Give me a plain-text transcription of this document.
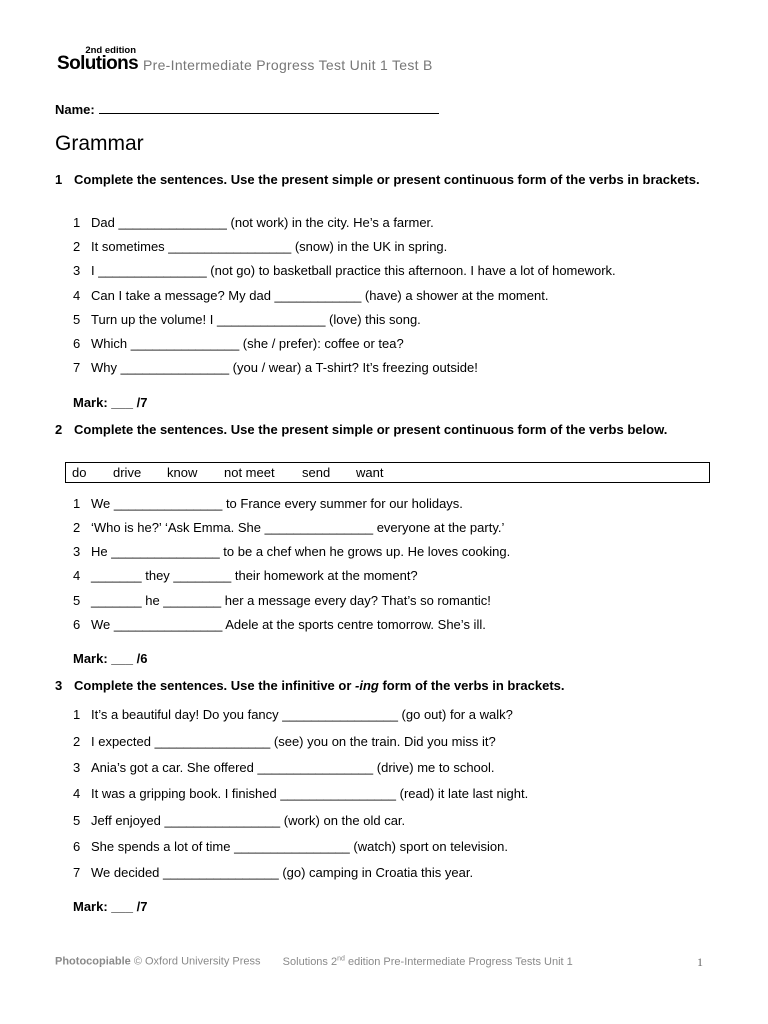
2nd edition
Solutions Pre-Intermediate Progress Test Unit 1 Test B
Name:
Grammar
1 Complete the sentences. Use the present simple or present continuous form of the verbs in brackets.
1 Dad _______________ (not work) in the city. He’s a farmer.
2 It sometimes _________________ (snow) in the UK in spring.
3 I _______________ (not go) to basketball practice this afternoon. I have a lot of homework.
4 Can I take a message? My dad ____________ (have) a shower at the moment.
5 Turn up the volume! I _______________ (love) this song.
6 Which _______________ (she / prefer): coffee or tea?
7 Why _______________ (you / wear) a T-shirt? It’s freezing outside!
Mark: ___ /7
2 Complete the sentences. Use the present simple or present continuous form of the verbs below.
do drive know not meet send want
1 We _______________ to France every summer for our holidays.
2 ‘Who is he?’ ‘Ask Emma. She _______________ everyone at the party.’
3 He _______________ to be a chef when he grows up. He loves cooking.
4 _______ they ________ their homework at the moment?
5 _______ he ________ her a message every day? That’s so romantic!
6 We _______________ Adele at the sports centre tomorrow. She’s ill.
Mark: ___ /6
3 Complete the sentences. Use the infinitive or -ing form of the verbs in brackets.
1 It’s a beautiful day! Do you fancy ________________ (go out) for a walk?
2 I expected ________________ (see) you on the train. Did you miss it?
3 Ania’s got a car. She offered ________________ (drive) me to school.
4 It was a gripping book. I finished ________________ (read) it late last night.
5 Jeff enjoyed ________________ (work) on the old car.
6 She spends a lot of time ________________ (watch) sport on television.
7 We decided ________________ (go) camping in Croatia this year.
Mark: ___ /7
Photocopiable © Oxford University Press Solutions 2nd edition Pre-Intermediate Progress Tests Unit 1	1
